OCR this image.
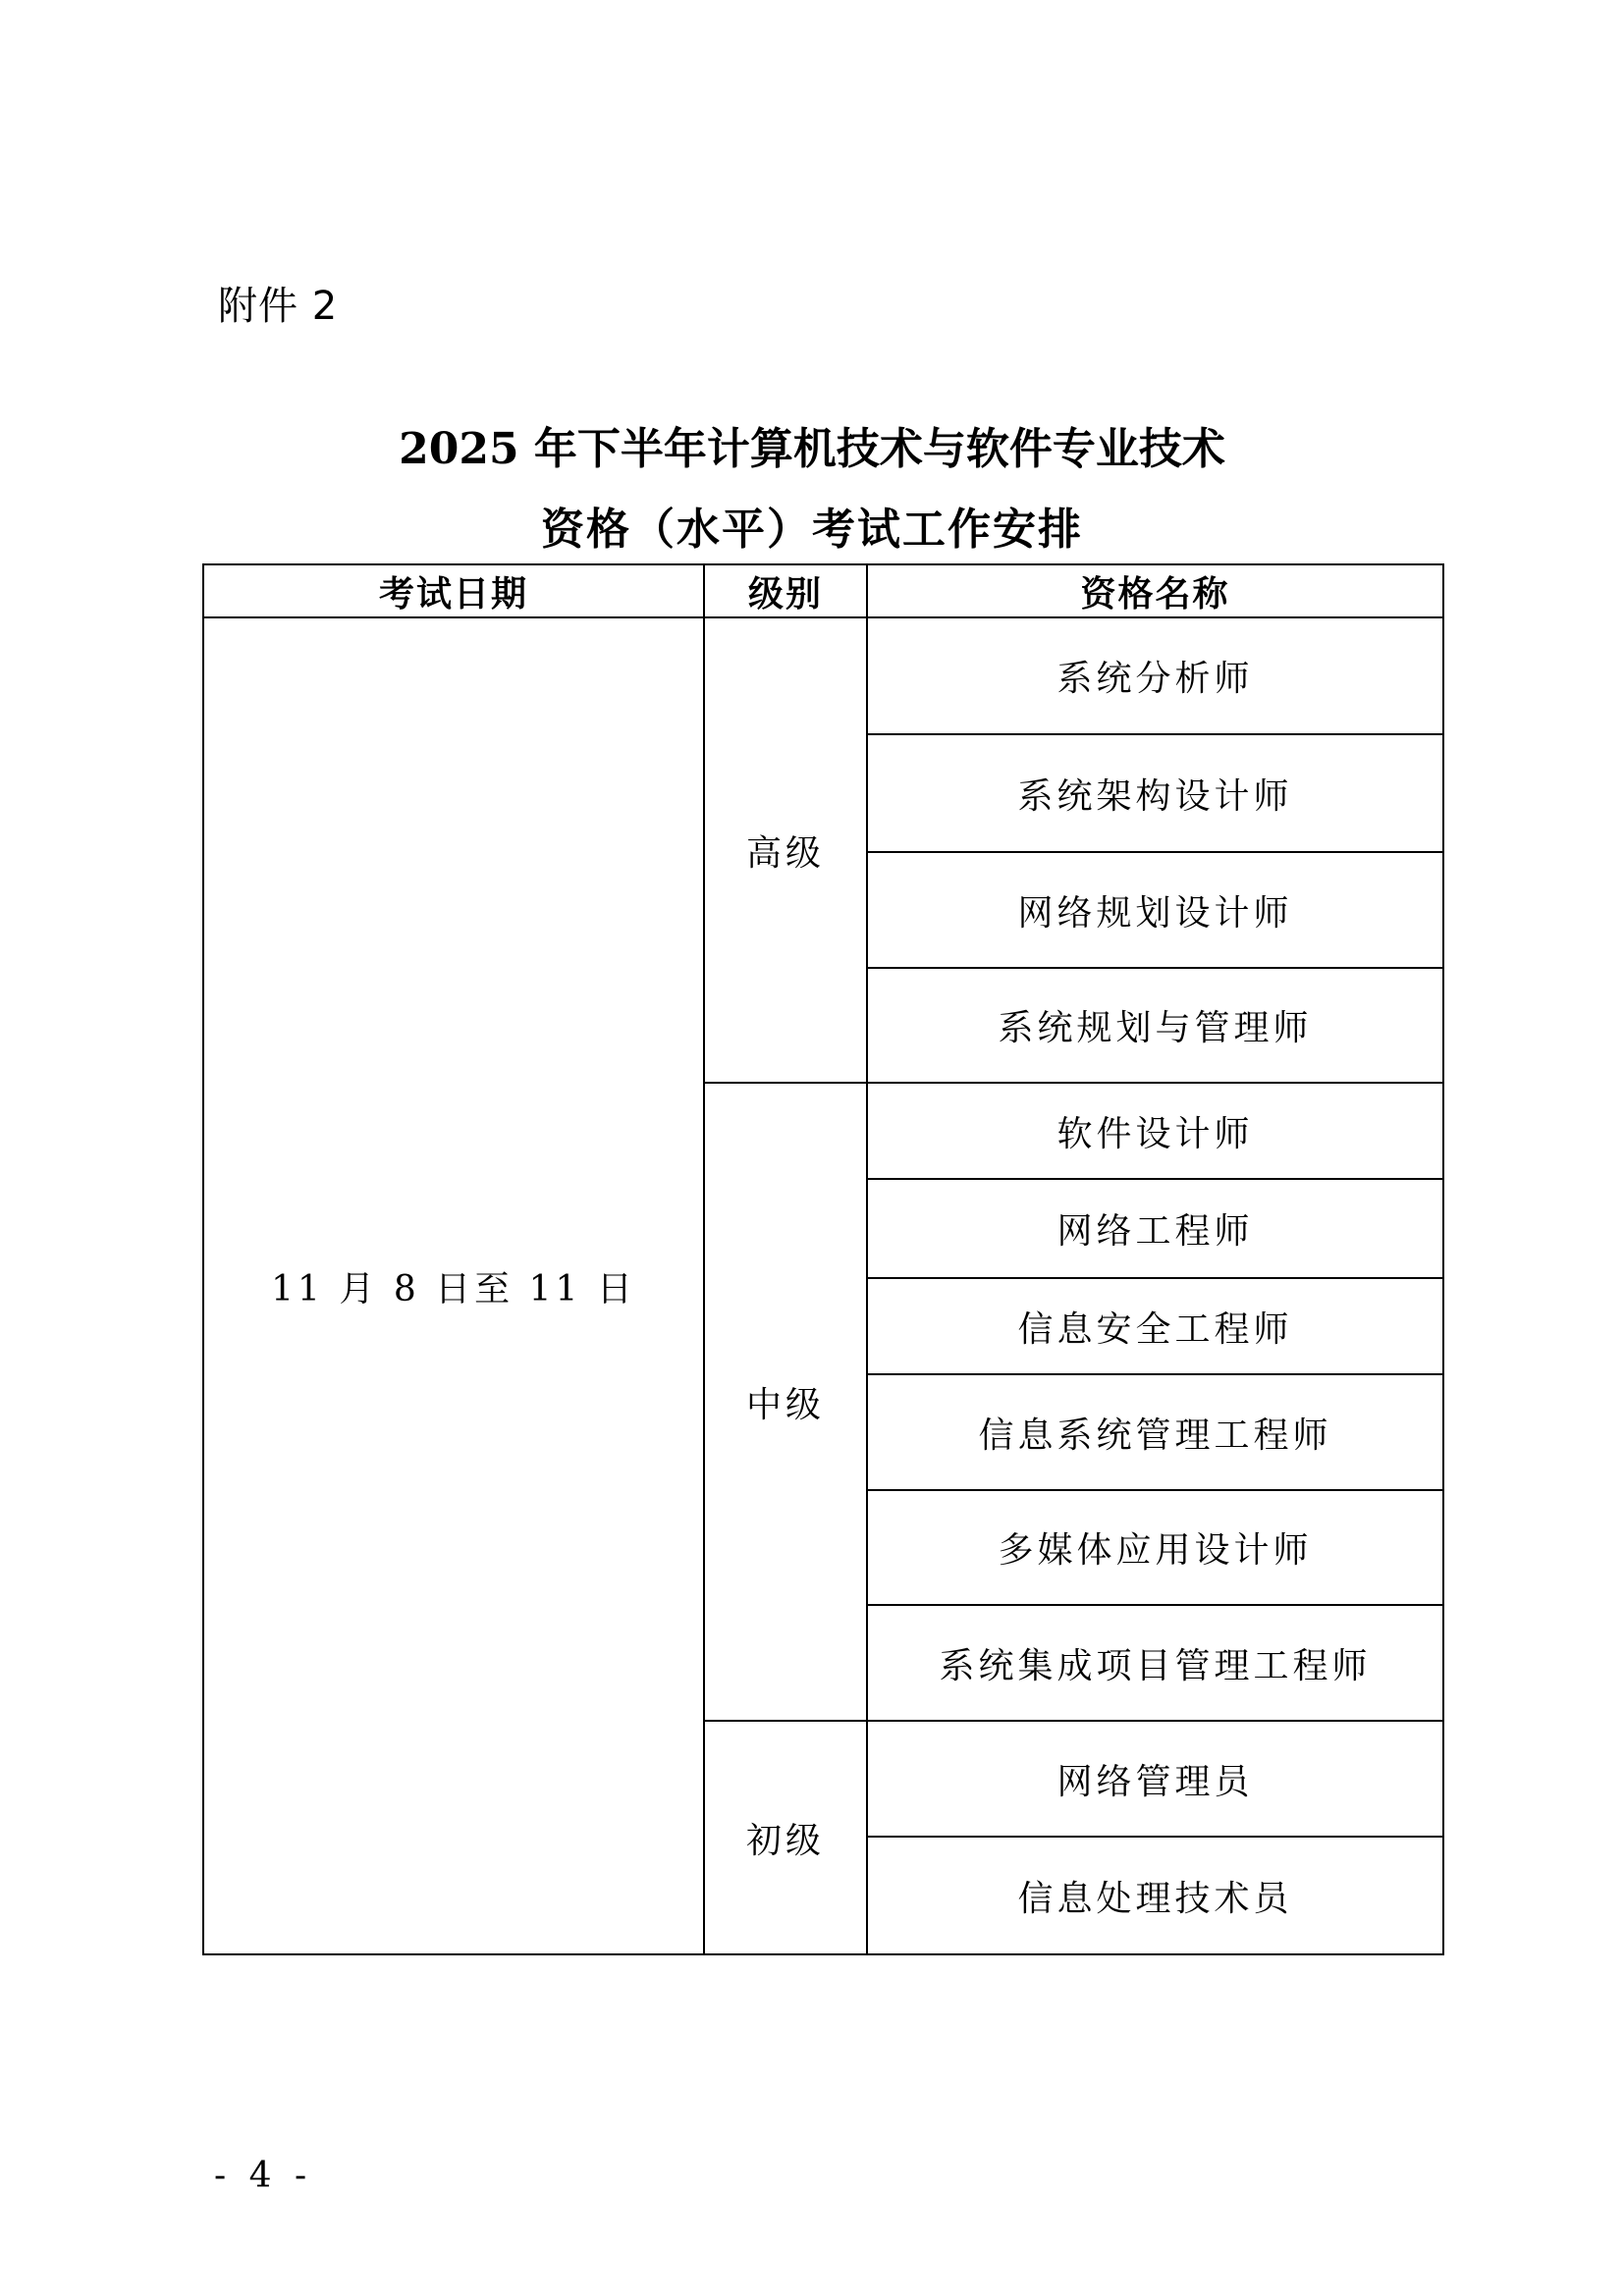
附件 2
2025 年下半年计算机技术与软件专业技术
资格（水平）考试工作安排
考试日期	级别	资格名称
11 月 8 日至 11 日	高级	系统分析师
		系统架构设计师
		网络规划设计师
		系统规划与管理师
	中级	软件设计师
		网络工程师
		信息安全工程师
		信息系统管理工程师
		多媒体应用设计师
		系统集成项目管理工程师
	初级	网络管理员
		信息处理技术员
- 4 -
